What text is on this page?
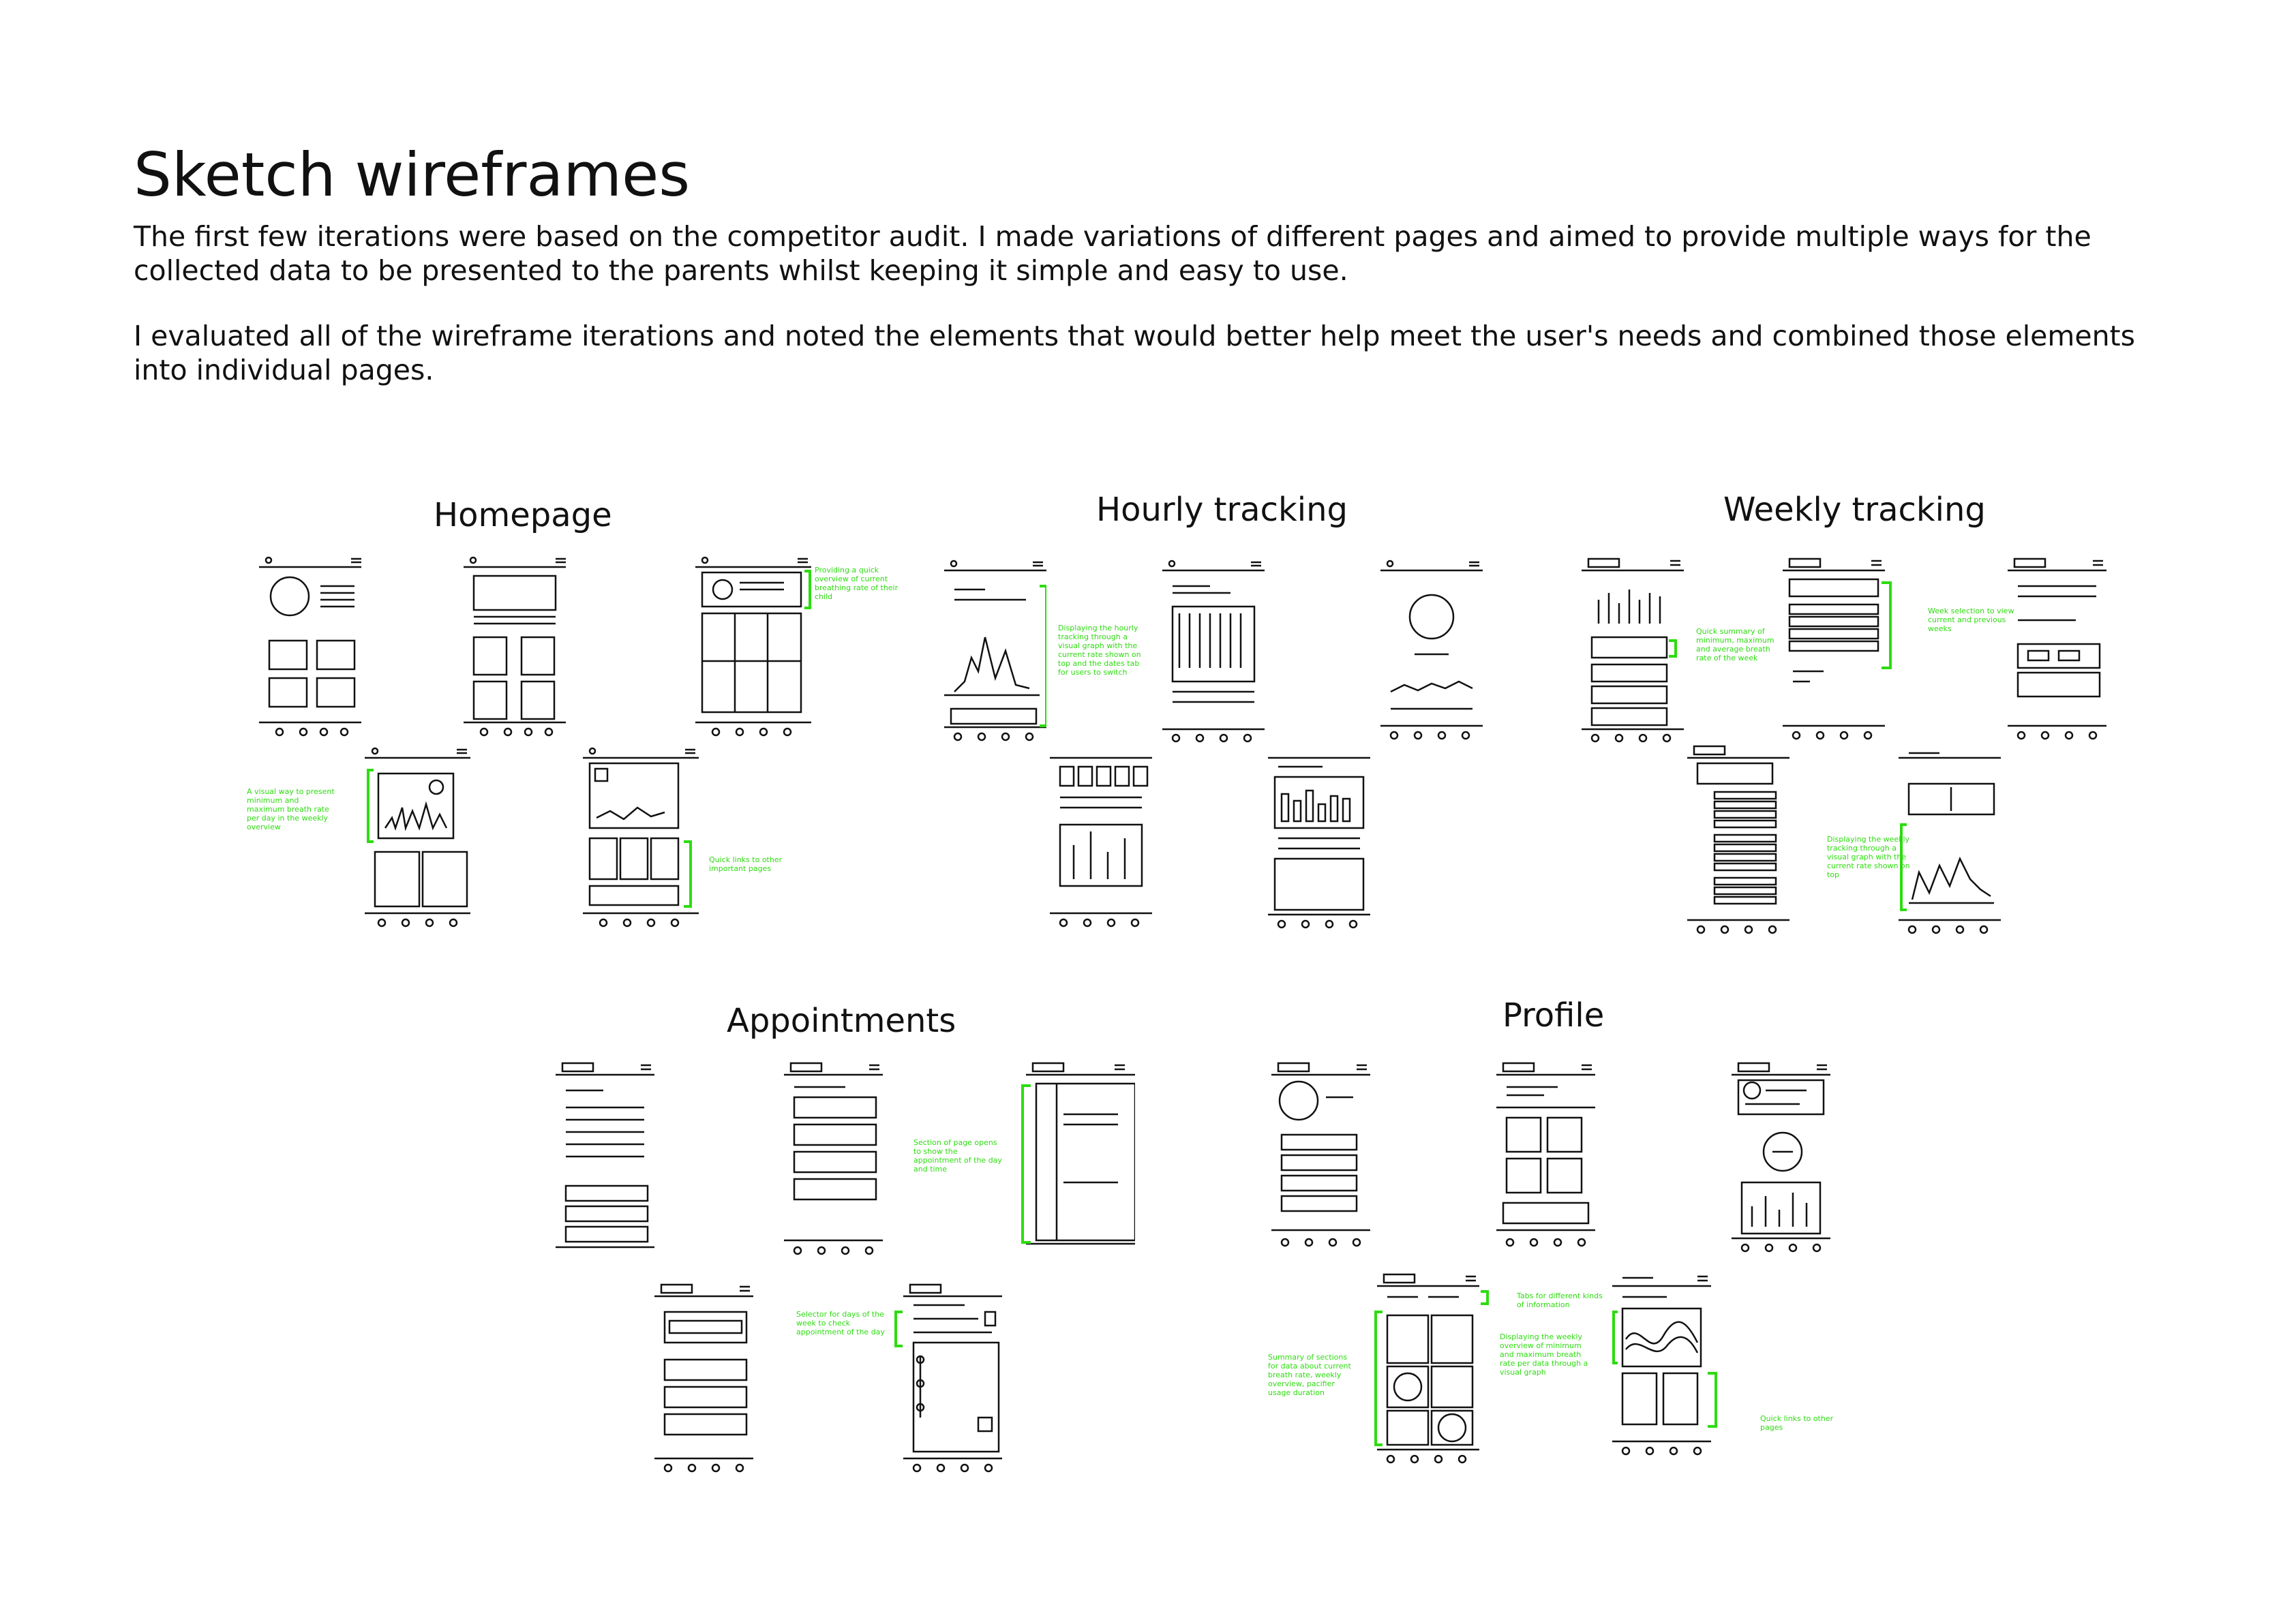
Sketch wireframes

The first few iterations were based on the competitor audit. I made variations of different pages and aimed to provide multiple ways for the collected data to be presented to the parents whilst keeping it simple and easy to use.

I evaluated all of the wireframe iterations and noted the elements that would better help meet the user's needs and combined those elements into individual pages.

Homepage	Hourly tracking	Weekly tracking
Appointments	Profile
Providing a quick overview of current breathing rate of their child
A visual way to present minimum and maximum breath rate per day in the weekly overview
Quick links to other important pages
Displaying the hourly tracking through a visual graph with the current rate shown on top and the dates tab for users to switch
Quick summary of minimum, maximum and average breath rate of the week
Week selection to view current and previous weeks
Displaying the weekly tracking through a visual graph with the current rate shown on top
Section of page opens to show the appointment of the day and time
Selector for days of the week to check appointment of the day
Summary of sections for data about current breath rate, weekly overview, pacifier usage duration
Tabs for different kinds of information
Displaying the weekly overview of minimum and maximum breath rate per data through a visual graph
Quick links to other pages
